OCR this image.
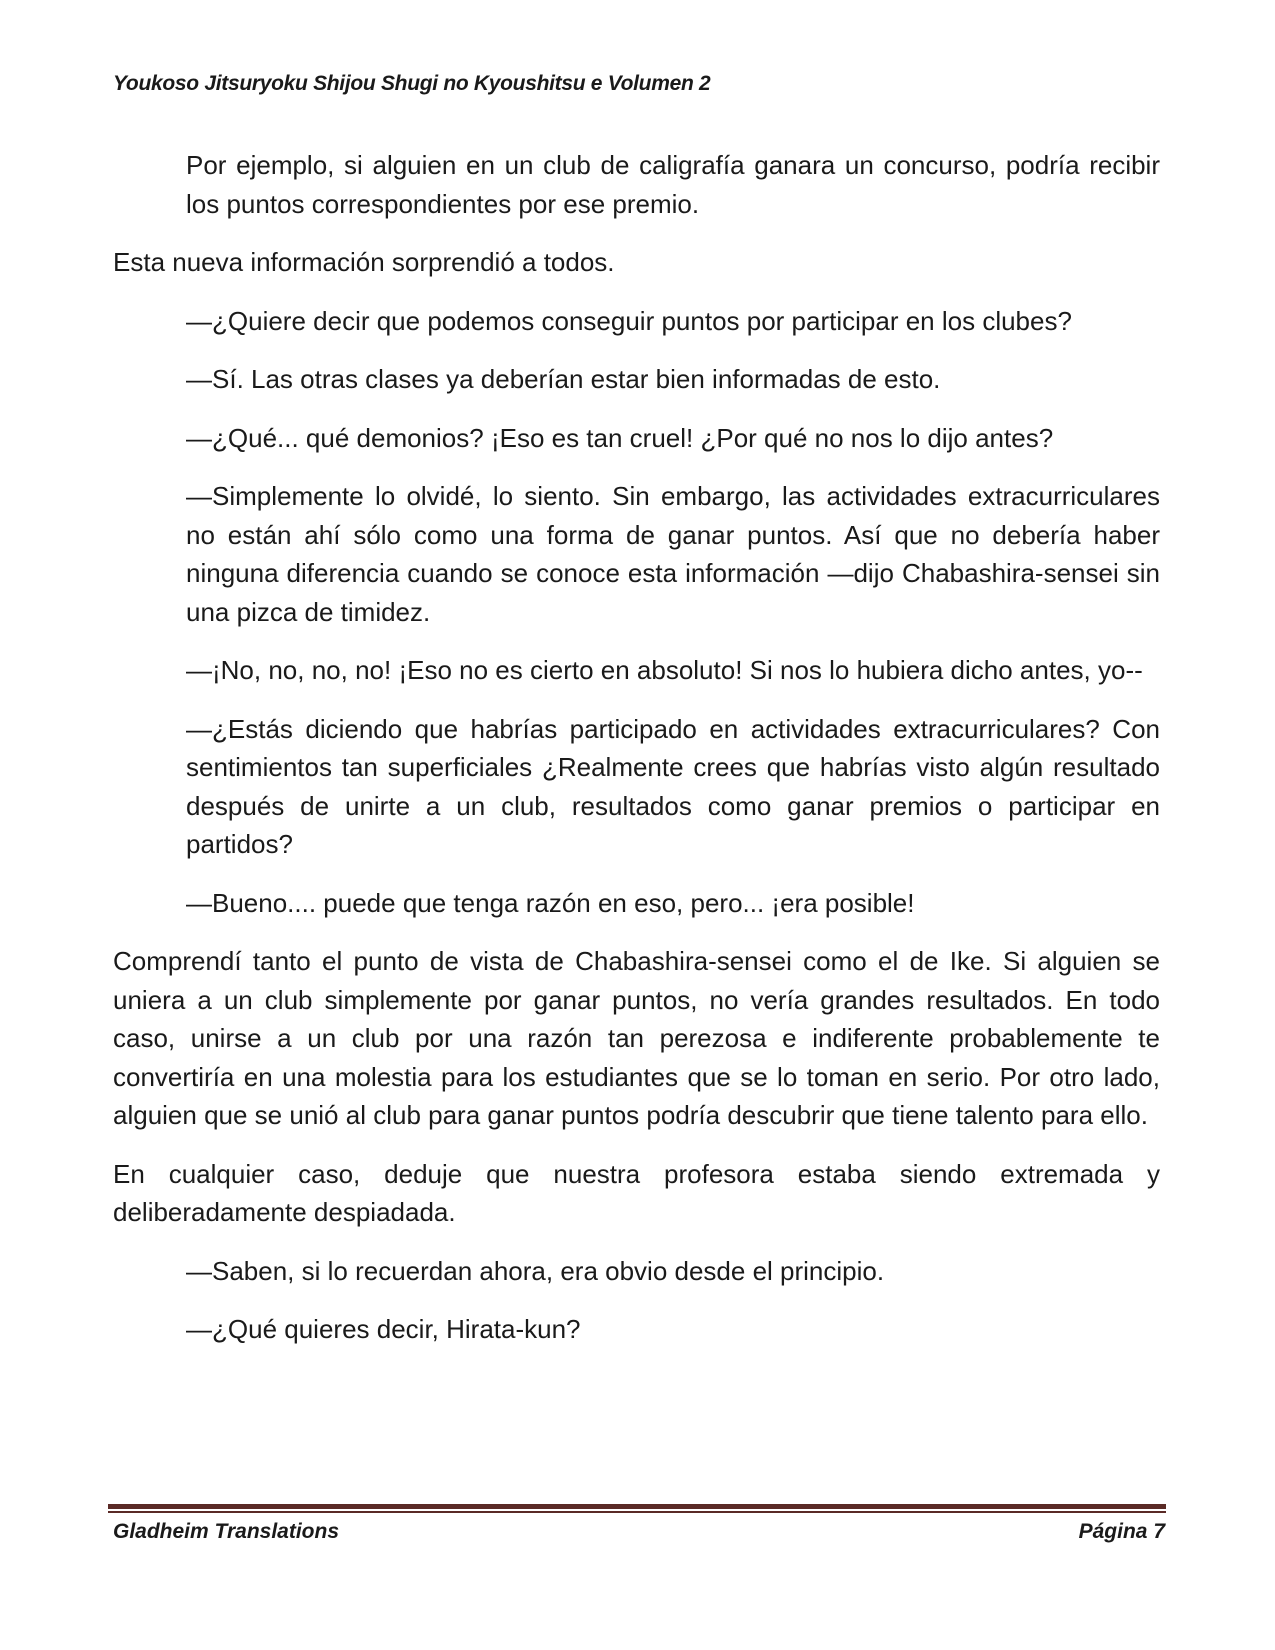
Youkoso Jitsuryoku Shijou Shugi no Kyoushitsu e Volumen 2

Por ejemplo, si alguien en un club de caligrafía ganara un concurso, podría recibir los puntos correspondientes por ese premio.

Esta nueva información sorprendió a todos.

—¿Quiere decir que podemos conseguir puntos por participar en los clubes?

—Sí. Las otras clases ya deberían estar bien informadas de esto.

—¿Qué... qué demonios? ¡Eso es tan cruel! ¿Por qué no nos lo dijo antes?

—Simplemente lo olvidé, lo siento. Sin embargo, las actividades extracurriculares no están ahí sólo como una forma de ganar puntos. Así que no debería haber ninguna diferencia cuando se conoce esta información —dijo Chabashira-sensei sin una pizca de timidez.

—¡No, no, no, no! ¡Eso no es cierto en absoluto! Si nos lo hubiera dicho antes, yo--

—¿Estás diciendo que habrías participado en actividades extracurriculares? Con sentimientos tan superficiales ¿Realmente crees que habrías visto algún resultado después de unirte a un club, resultados como ganar premios o participar en partidos?

—Bueno.... puede que tenga razón en eso, pero... ¡era posible!

Comprendí tanto el punto de vista de Chabashira-sensei como el de Ike. Si alguien se uniera a un club simplemente por ganar puntos, no vería grandes resultados. En todo caso, unirse a un club por una razón tan perezosa e indiferente probablemente te convertiría en una molestia para los estudiantes que se lo toman en serio. Por otro lado, alguien que se unió al club para ganar puntos podría descubrir que tiene talento para ello.

En cualquier caso, deduje que nuestra profesora estaba siendo extremada y deliberadamente despiadada.

—Saben, si lo recuerdan ahora, era obvio desde el principio.

—¿Qué quieres decir, Hirata-kun?

Gladheim Translations	Página 7
